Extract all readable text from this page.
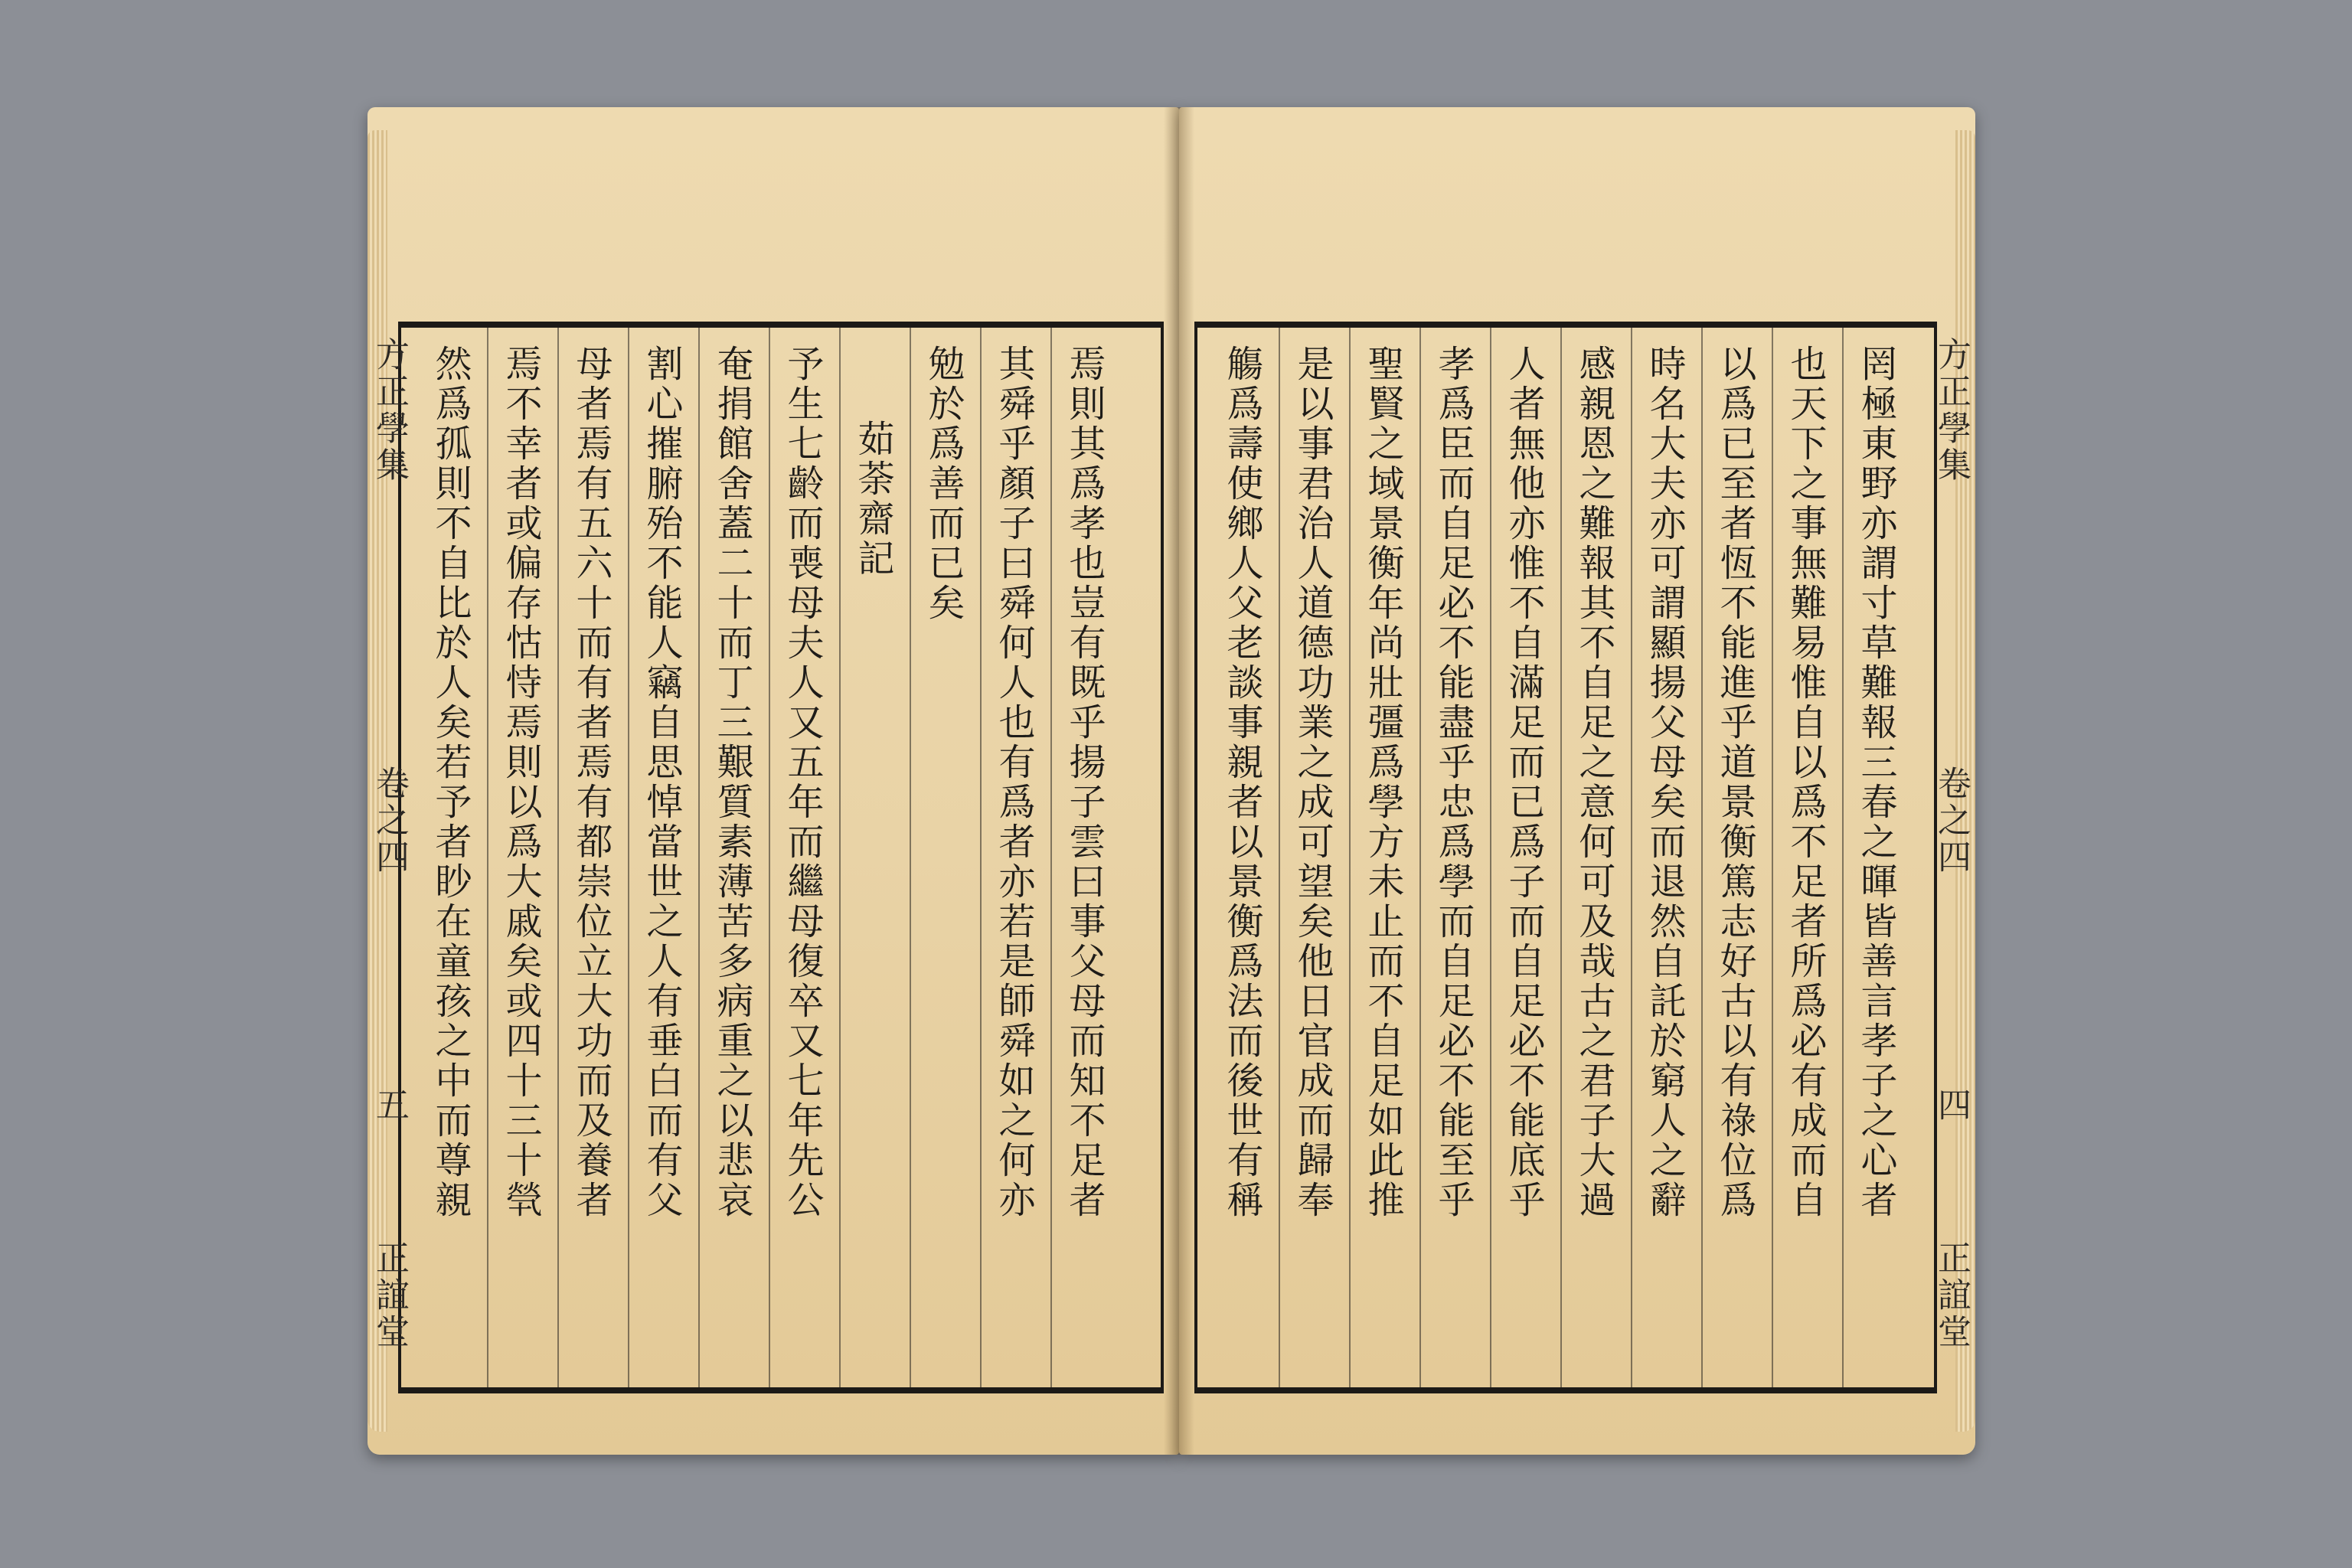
然爲孤則不自比於人矣若予者眇在童孩之中而尊親 焉不幸者或偏存怙恃焉則以爲大戚矣或四十三十煢 母者焉有五六十而有者焉有都崇位立大功而及養者 割心摧腑殆不能人竊自思悼當世之人有垂白而有父 奄捐館舍蓋二十而丁三艱質素薄苦多病重之以悲哀 予生七齡而喪母夫人又五年而繼母復卒又七年先公 茹荼齋記 勉於爲善而已矣 其舜乎顏子曰舜何人也有爲者亦若是師舜如之何亦 焉則其爲孝也豈有既乎揚子雲曰事父母而知不足者
方正學集
卷之四
五
正誼堂
觴爲壽使鄉人父老談事親者以景衡爲法而後世有稱 是以事君治人道德功業之成可望矣他日官成而歸奉 聖賢之域景衡年尚壯彊爲學方未止而不自足如此推 孝爲臣而自足必不能盡乎忠爲學而自足必不能至乎 人者無他亦惟不自滿足而已爲子而自足必不能底乎 感親恩之難報其不自足之意何可及哉古之君子大過 時名大夫亦可謂顯揚父母矣而退然自託於窮人之辭 以爲已至者恆不能進乎道景衡篤志好古以有祿位爲 也天下之事無難易惟自以爲不足者所爲必有成而自 罔極東野亦謂寸草難報三春之暉皆善言孝子之心者 方正學集
卷之四
四
正誼堂
